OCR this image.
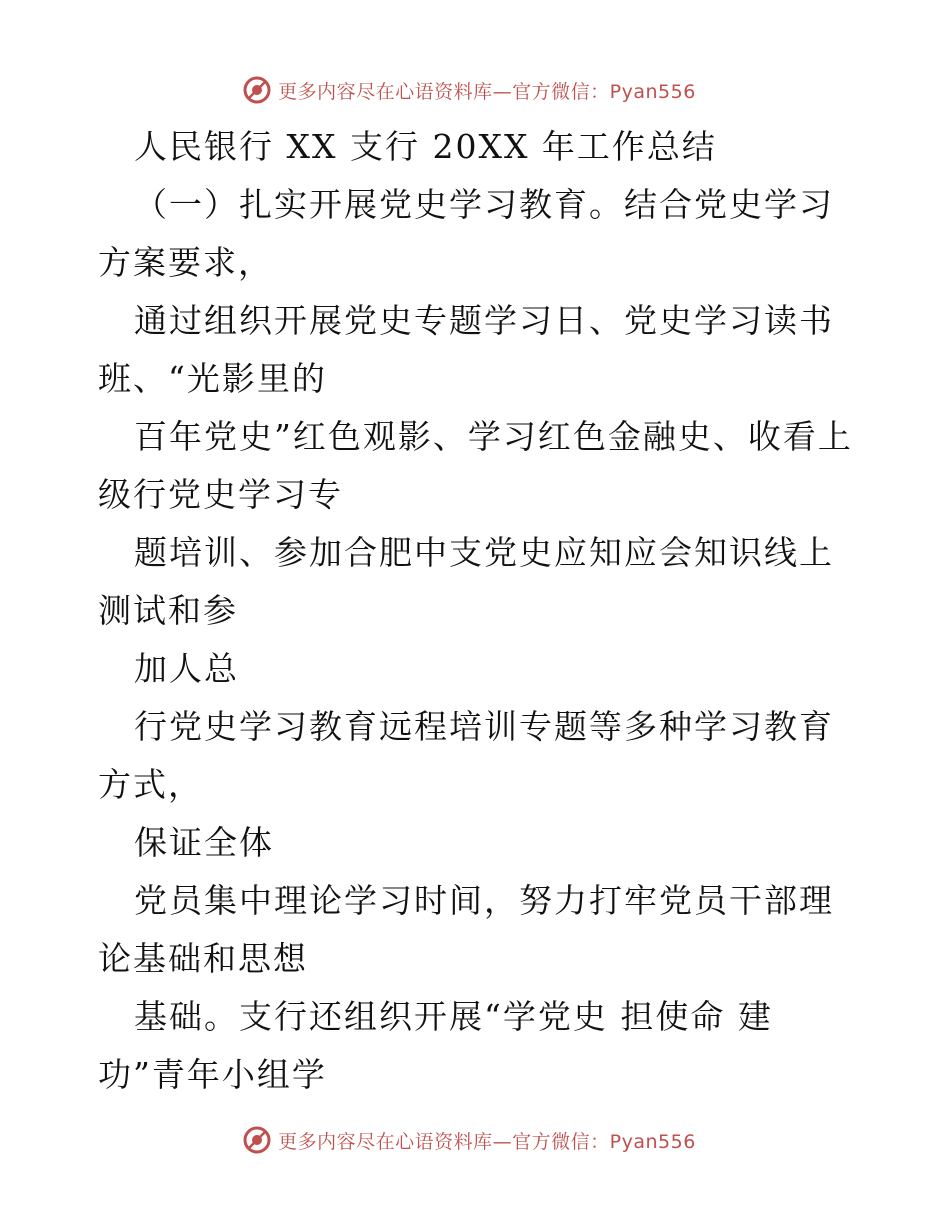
更多内容尽在心语资料库—官方微信：Pyan556

人民银行 XX 支行 20XX 年工作总结

（一）扎实开展党史学习教育。结合党史学习方案要求，

通过组织开展党史专题学习日、党史学习读书班、“光影里的

百年党史”红色观影、学习红色金融史、收看上级行党史学习专

题培训、参加合肥中支党史应知应会知识线上测试和参

加人总

行党史学习教育远程培训专题等多种学习教育方式，

保证全体

党员集中理论学习时间，努力打牢党员干部理论基础和思想

基础。支行还组织开展“学党史 担使命 建功”青年小组学

更多内容尽在心语资料库—官方微信：Pyan556
